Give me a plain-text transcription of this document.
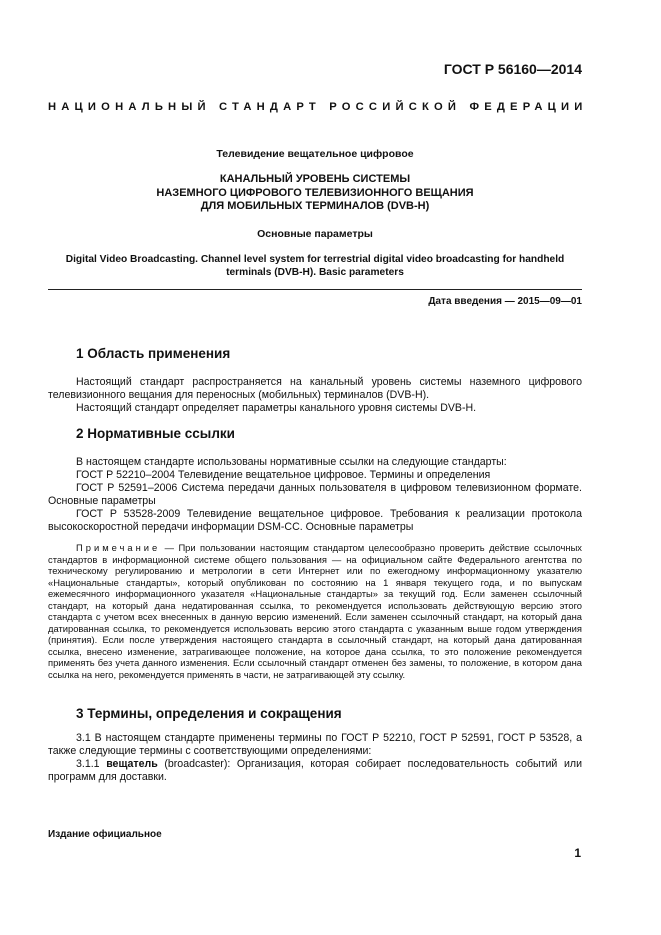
ГОСТ Р 56160—2014
НАЦИОНАЛЬНЫЙ СТАНДАРТ РОССИЙСКОЙ ФЕДЕРАЦИИ
Телевидение вещательное цифровое
КАНАЛЬНЫЙ УРОВЕНЬ СИСТЕМЫ
НАЗЕМНОГО ЦИФРОВОГО ТЕЛЕВИЗИОННОГО ВЕЩАНИЯ
ДЛЯ МОБИЛЬНЫХ ТЕРМИНАЛОВ (DVB-H)
Основные параметры
Digital Video Broadcasting. Channel level system for terrestrial digital video broadcasting for handheld
terminals (DVB-H). Basic parameters
Дата введения — 2015—09—01
1 Область применения
Настоящий стандарт распространяется на канальный уровень системы наземного цифрового телевизионного вещания для переносных (мобильных) терминалов (DVB-H).
Настоящий стандарт определяет параметры канального уровня системы DVB-H.
2 Нормативные ссылки
В настоящем стандарте использованы нормативные ссылки на следующие стандарты:
ГОСТ Р 52210–2004 Телевидение вещательное цифровое. Термины и определения
ГОСТ Р 52591–2006 Система передачи данных пользователя в цифровом телевизионном формате. Основные параметры
ГОСТ Р 53528-2009 Телевидение вещательное цифровое. Требования к реализации протокола высокоскоростной передачи информации DSM-CC. Основные параметры
Примечание — При пользовании настоящим стандартом целесообразно проверить действие ссылочных стандартов в информационной системе общего пользования — на официальном сайте Федерального агентства по техническому регулированию и метрологии в сети Интернет или по ежегодному информационному указателю «Национальные стандарты», который опубликован по состоянию на 1 января текущего года, и по выпускам ежемесячного информационного указателя «Национальные стандарты» за текущий год. Если заменен ссылочный стандарт, на который дана недатированная ссылка, то рекомендуется использовать действующую версию этого стандарта с учетом всех внесенных в данную версию изменений. Если заменен ссылочный стандарт, на который дана датированная ссылка, то рекомендуется использовать версию этого стандарта с указанным выше годом утверждения (принятия). Если после утверждения настоящего стандарта в ссылочный стандарт, на который дана датированная ссылка, внесено изменение, затрагивающее положение, на которое дана ссылка, то это положение рекомендуется применять без учета данного изменения. Если ссылочный стандарт отменен без замены, то положение, в котором дана ссылка на него, рекомендуется применять в части, не затрагивающей эту ссылку.
3 Термины, определения и сокращения
3.1 В настоящем стандарте применены термины по ГОСТ Р 52210, ГОСТ Р 52591, ГОСТ Р 53528, а также следующие термины с соответствующими определениями:
3.1.1 вещатель (broadcaster): Организация, которая собирает последовательность событий или программ для доставки.
Издание официальное
1
